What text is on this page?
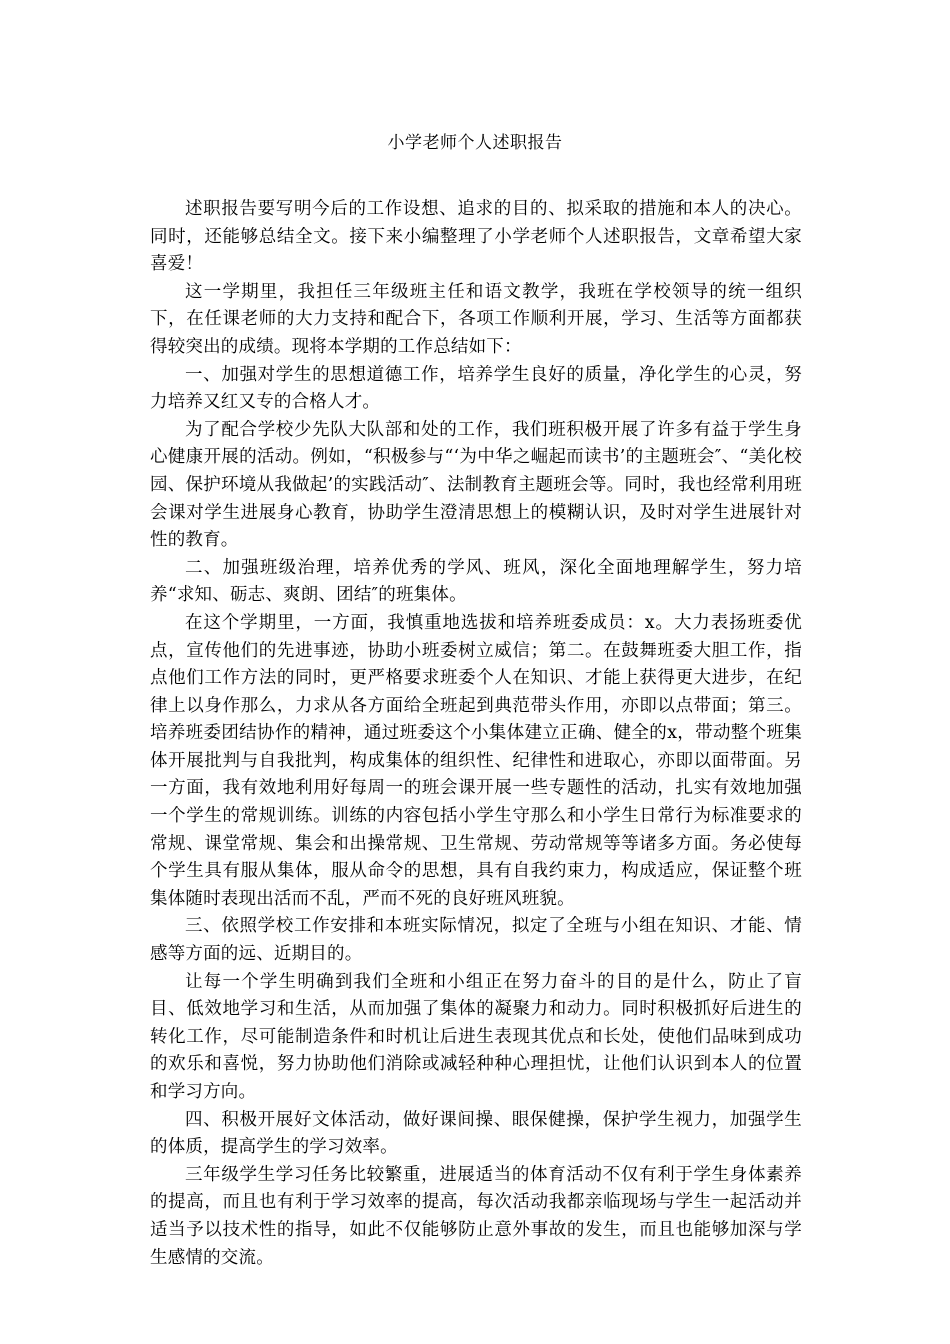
小学老师个人述职报告

述职报告要写明今后的工作设想、追求的目的、拟采取的措施和本人的决心。同时，还能够总结全文。接下来小编整理了小学老师个人述职报告，文章希望大家喜爱！

这一学期里，我担任三年级班主任和语文教学，我班在学校领导的统一组织下，在任课老师的大力支持和配合下，各项工作顺利开展，学习、生活等方面都获得较突出的成绩。现将本学期的工作总结如下：

一、加强对学生的思想道德工作，培养学生良好的质量，净化学生的心灵，努力培养又红又专的合格人才。

为了配合学校少先队大队部和处的工作，我们班积极开展了许多有益于学生身心健康开展的活动。例如，“积极参与“‘为中华之崛起而读书’的主题班会″、“美化校园、保护环境从我做起’的实践活动″、法制教育主题班会等。同时，我也经常利用班会课对学生进展身心教育，协助学生澄清思想上的模糊认识，及时对学生进展针对性的教育。

二、加强班级治理，培养优秀的学风、班风，深化全面地理解学生，努力培养“求知、砺志、爽朗、团结″的班集体。

在这个学期里，一方面，我慎重地选拔和培养班委成员：x。大力表扬班委优点，宣传他们的先进事迹，协助小班委树立威信；第二。在鼓舞班委大胆工作，指点他们工作方法的同时，更严格要求班委个人在知识、才能上获得更大进步，在纪律上以身作那么，力求从各方面给全班起到典范带头作用，亦即以点带面；第三。培养班委团结协作的精神，通过班委这个小集体建立正确、健全的x，带动整个班集体开展批判与自我批判，构成集体的组织性、纪律性和进取心，亦即以面带面。另一方面，我有效地利用好每周一的班会课开展一些专题性的活动，扎实有效地加强一个学生的常规训练。训练的内容包括小学生守那么和小学生日常行为标准要求的常规、课堂常规、集会和出操常规、卫生常规、劳动常规等等诸多方面。务必使每个学生具有服从集体，服从命令的思想，具有自我约束力，构成适应，保证整个班集体随时表现出活而不乱，严而不死的良好班风班貌。

三、依照学校工作安排和本班实际情况，拟定了全班与小组在知识、才能、情感等方面的远、近期目的。

让每一个学生明确到我们全班和小组正在努力奋斗的目的是什么，防止了盲目、低效地学习和生活，从而加强了集体的凝聚力和动力。同时积极抓好后进生的转化工作，尽可能制造条件和时机让后进生表现其优点和长处，使他们品味到成功的欢乐和喜悦，努力协助他们消除或减轻种种心理担忧，让他们认识到本人的位置和学习方向。

四、积极开展好文体活动，做好课间操、眼保健操，保护学生视力，加强学生的体质，提高学生的学习效率。

三年级学生学习任务比较繁重，进展适当的体育活动不仅有利于学生身体素养的提高，而且也有利于学习效率的提高，每次活动我都亲临现场与学生一起活动并适当予以技术性的指导，如此不仅能够防止意外事故的发生，而且也能够加深与学生感情的交流。
